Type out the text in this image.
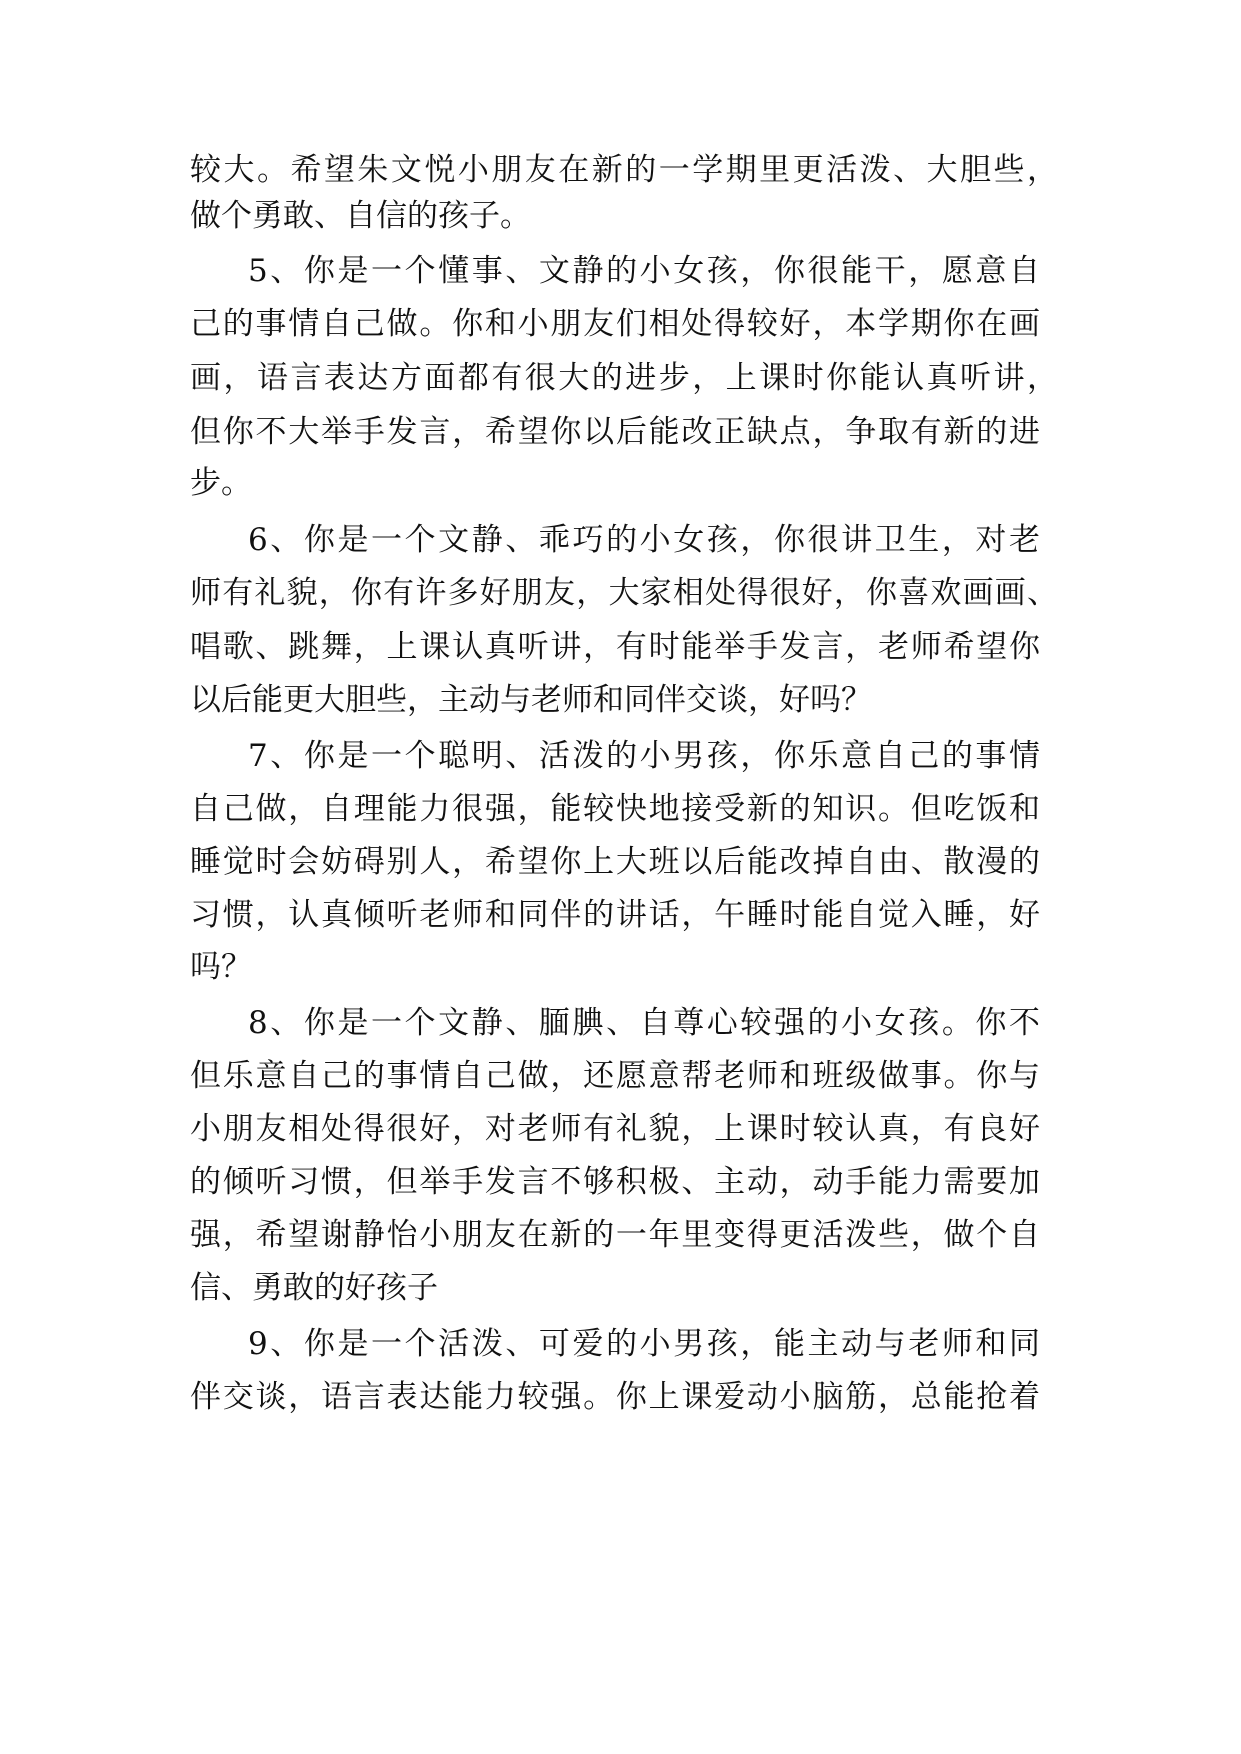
较大。希望朱文悦小朋友在新的一学期里更活泼、大胆些，

做个勇敢、自信的孩子。

5、你是一个懂事、文静的小女孩，你很能干，愿意自

己的事情自己做。你和小朋友们相处得较好，本学期你在画

画，语言表达方面都有很大的进步，上课时你能认真听讲，

但你不大举手发言，希望你以后能改正缺点，争取有新的进

步。

6、你是一个文静、乖巧的小女孩，你很讲卫生，对老

师有礼貌，你有许多好朋友，大家相处得很好，你喜欢画画、

唱歌、跳舞，上课认真听讲，有时能举手发言，老师希望你

以后能更大胆些，主动与老师和同伴交谈，好吗？

7、你是一个聪明、活泼的小男孩，你乐意自己的事情

自己做，自理能力很强，能较快地接受新的知识。但吃饭和

睡觉时会妨碍别人，希望你上大班以后能改掉自由、散漫的

习惯，认真倾听老师和同伴的讲话，午睡时能自觉入睡，好

吗？

8、你是一个文静、腼腆、自尊心较强的小女孩。你不

但乐意自己的事情自己做，还愿意帮老师和班级做事。你与

小朋友相处得很好，对老师有礼貌，上课时较认真，有良好

的倾听习惯，但举手发言不够积极、主动，动手能力需要加

强，希望谢静怡小朋友在新的一年里变得更活泼些，做个自

信、勇敢的好孩子

9、你是一个活泼、可爱的小男孩，能主动与老师和同

伴交谈，语言表达能力较强。你上课爱动小脑筋，总能抢着
